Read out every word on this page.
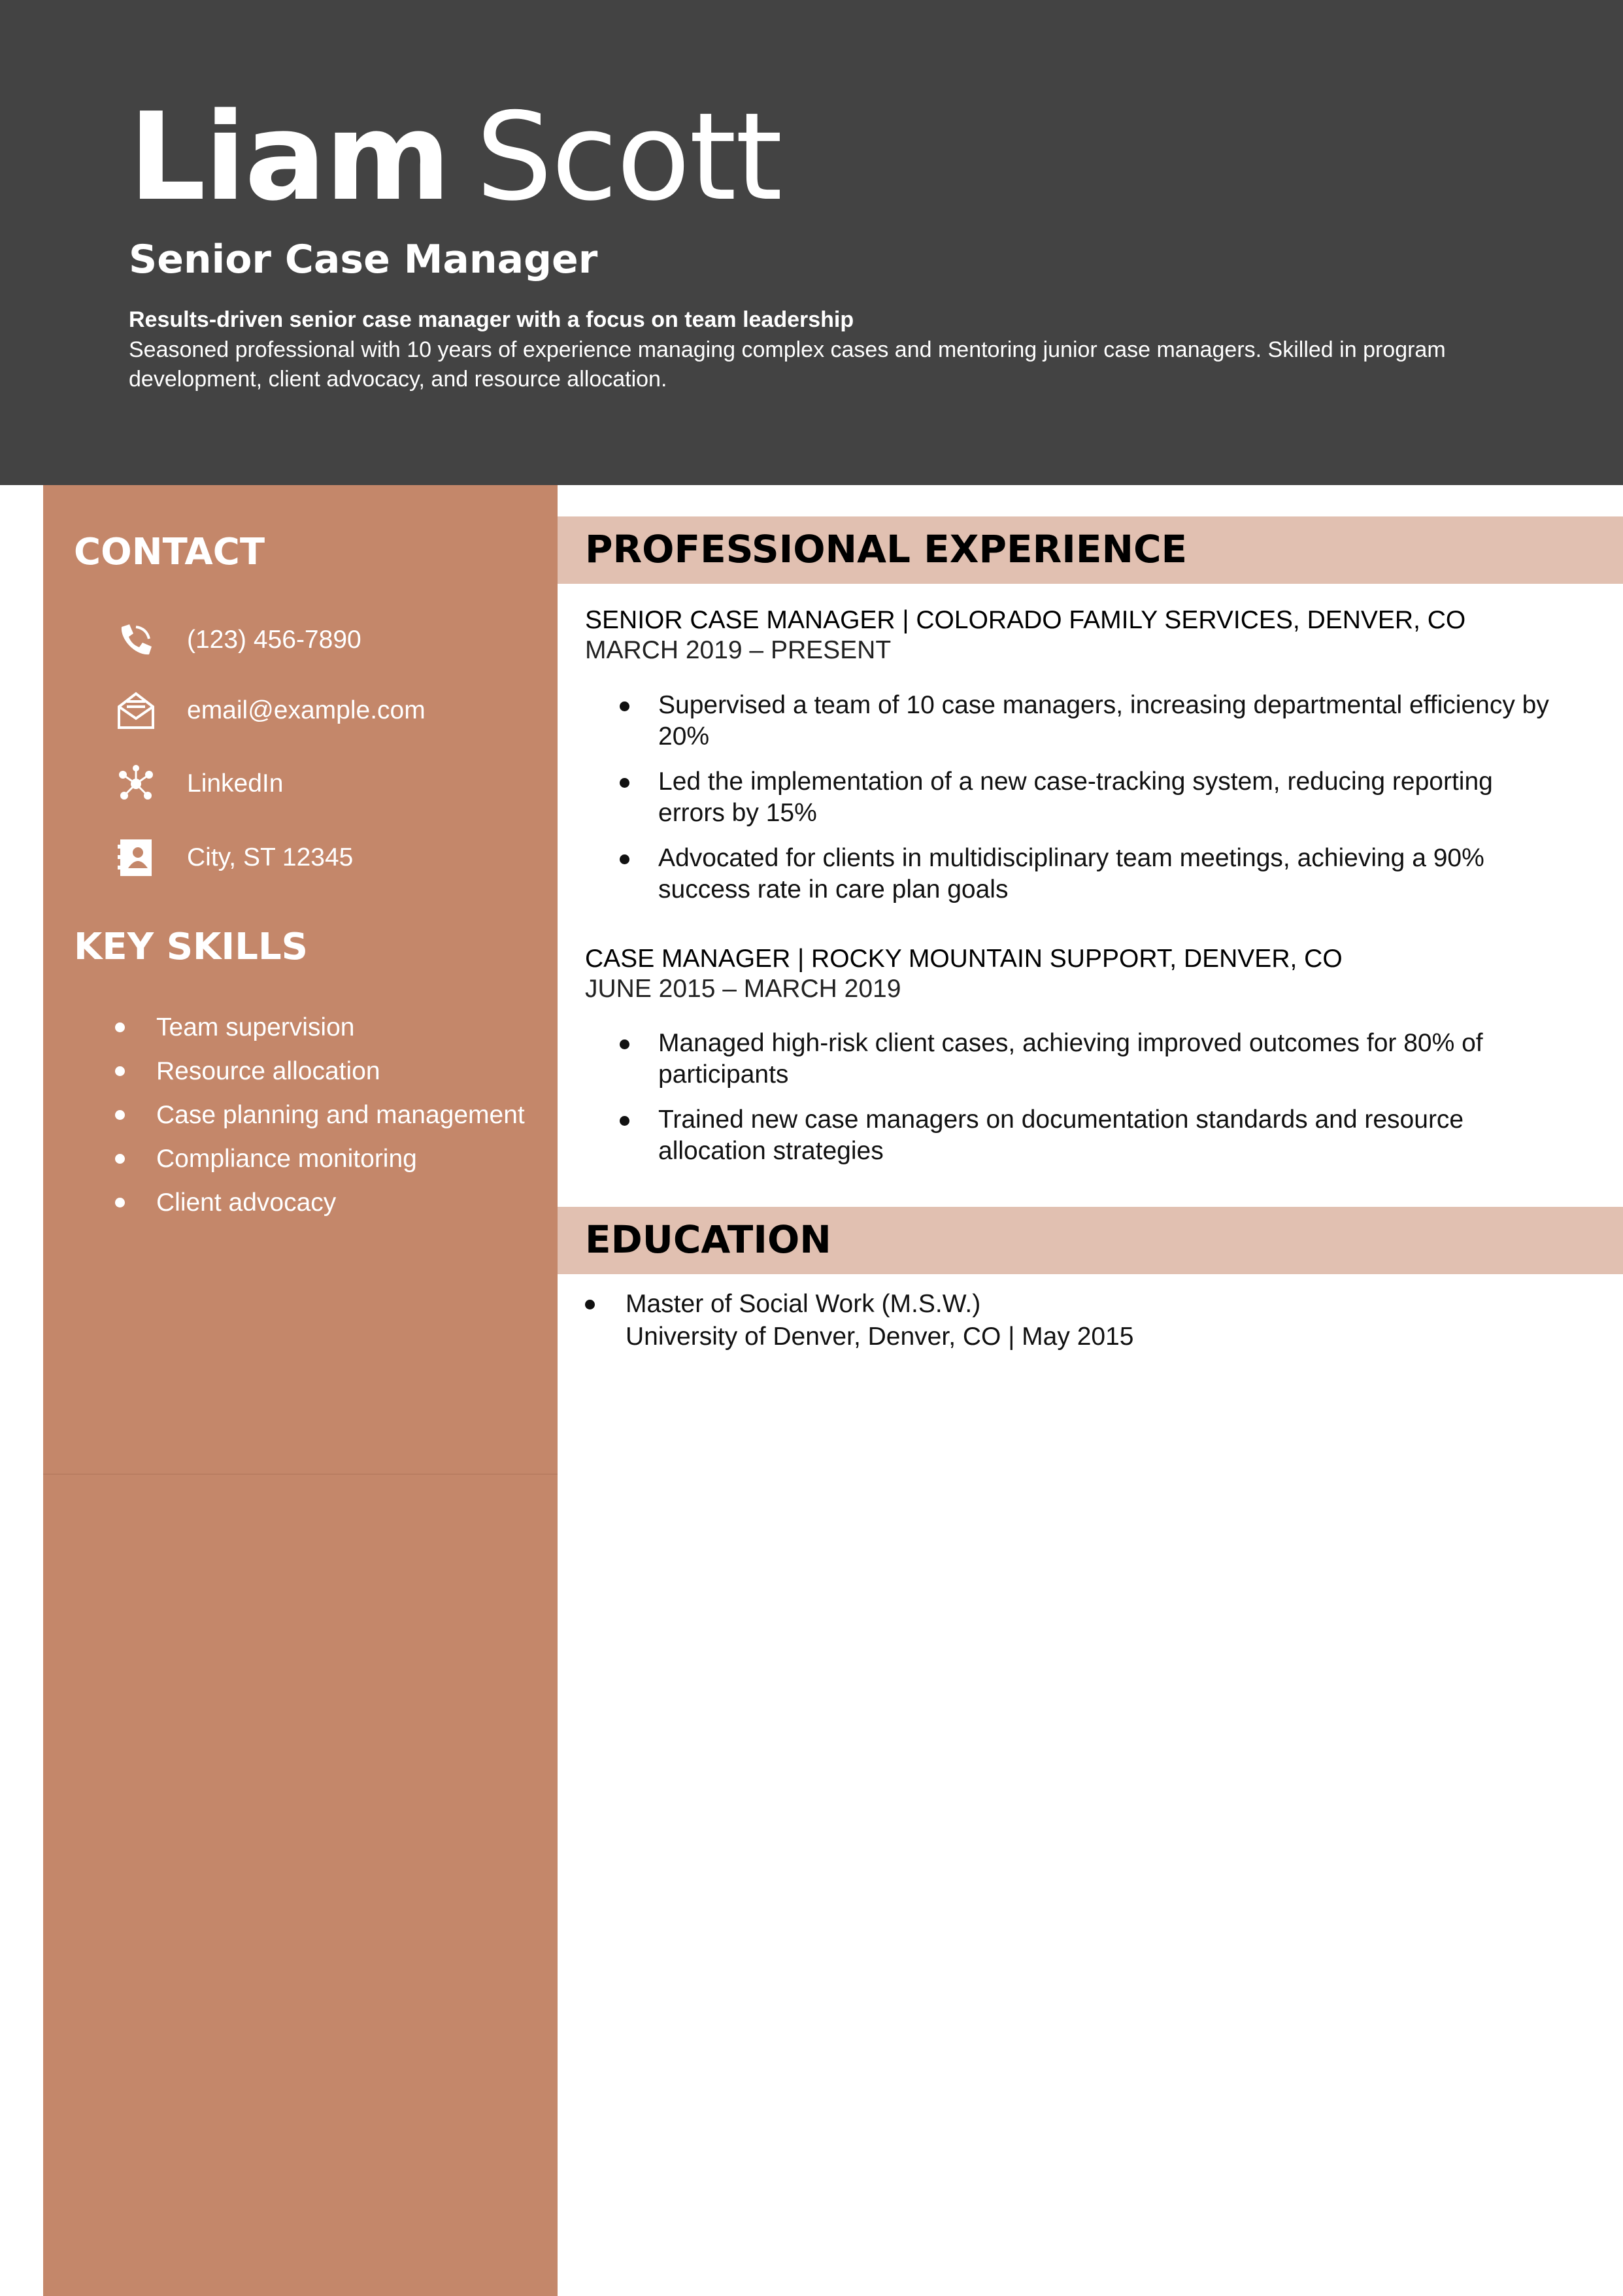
Liam Scott
Senior Case Manager
Results-driven senior case manager with a focus on team leadership
Seasoned professional with 10 years of experience managing complex cases and mentoring junior case managers. Skilled in program development, client advocacy, and resource allocation.
CONTACT
(123) 456-7890
email@example.com
LinkedIn
City, ST 12345
KEY SKILLS
Team supervision
Resource allocation
Case planning and management
Compliance monitoring
Client advocacy
PROFESSIONAL EXPERIENCE
SENIOR CASE MANAGER | COLORADO FAMILY SERVICES, DENVER, CO
MARCH 2019 – PRESENT
Supervised a team of 10 case managers, increasing departmental efficiency by 20%
Led the implementation of a new case-tracking system, reducing reporting errors by 15%
Advocated for clients in multidisciplinary team meetings, achieving a 90% success rate in care plan goals
CASE MANAGER | ROCKY MOUNTAIN SUPPORT, DENVER, CO
JUNE 2015 – MARCH 2019
Managed high-risk client cases, achieving improved outcomes for 80% of participants
Trained new case managers on documentation standards and resource allocation strategies
EDUCATION
Master of Social Work (M.S.W.)
University of Denver, Denver, CO | May 2015
